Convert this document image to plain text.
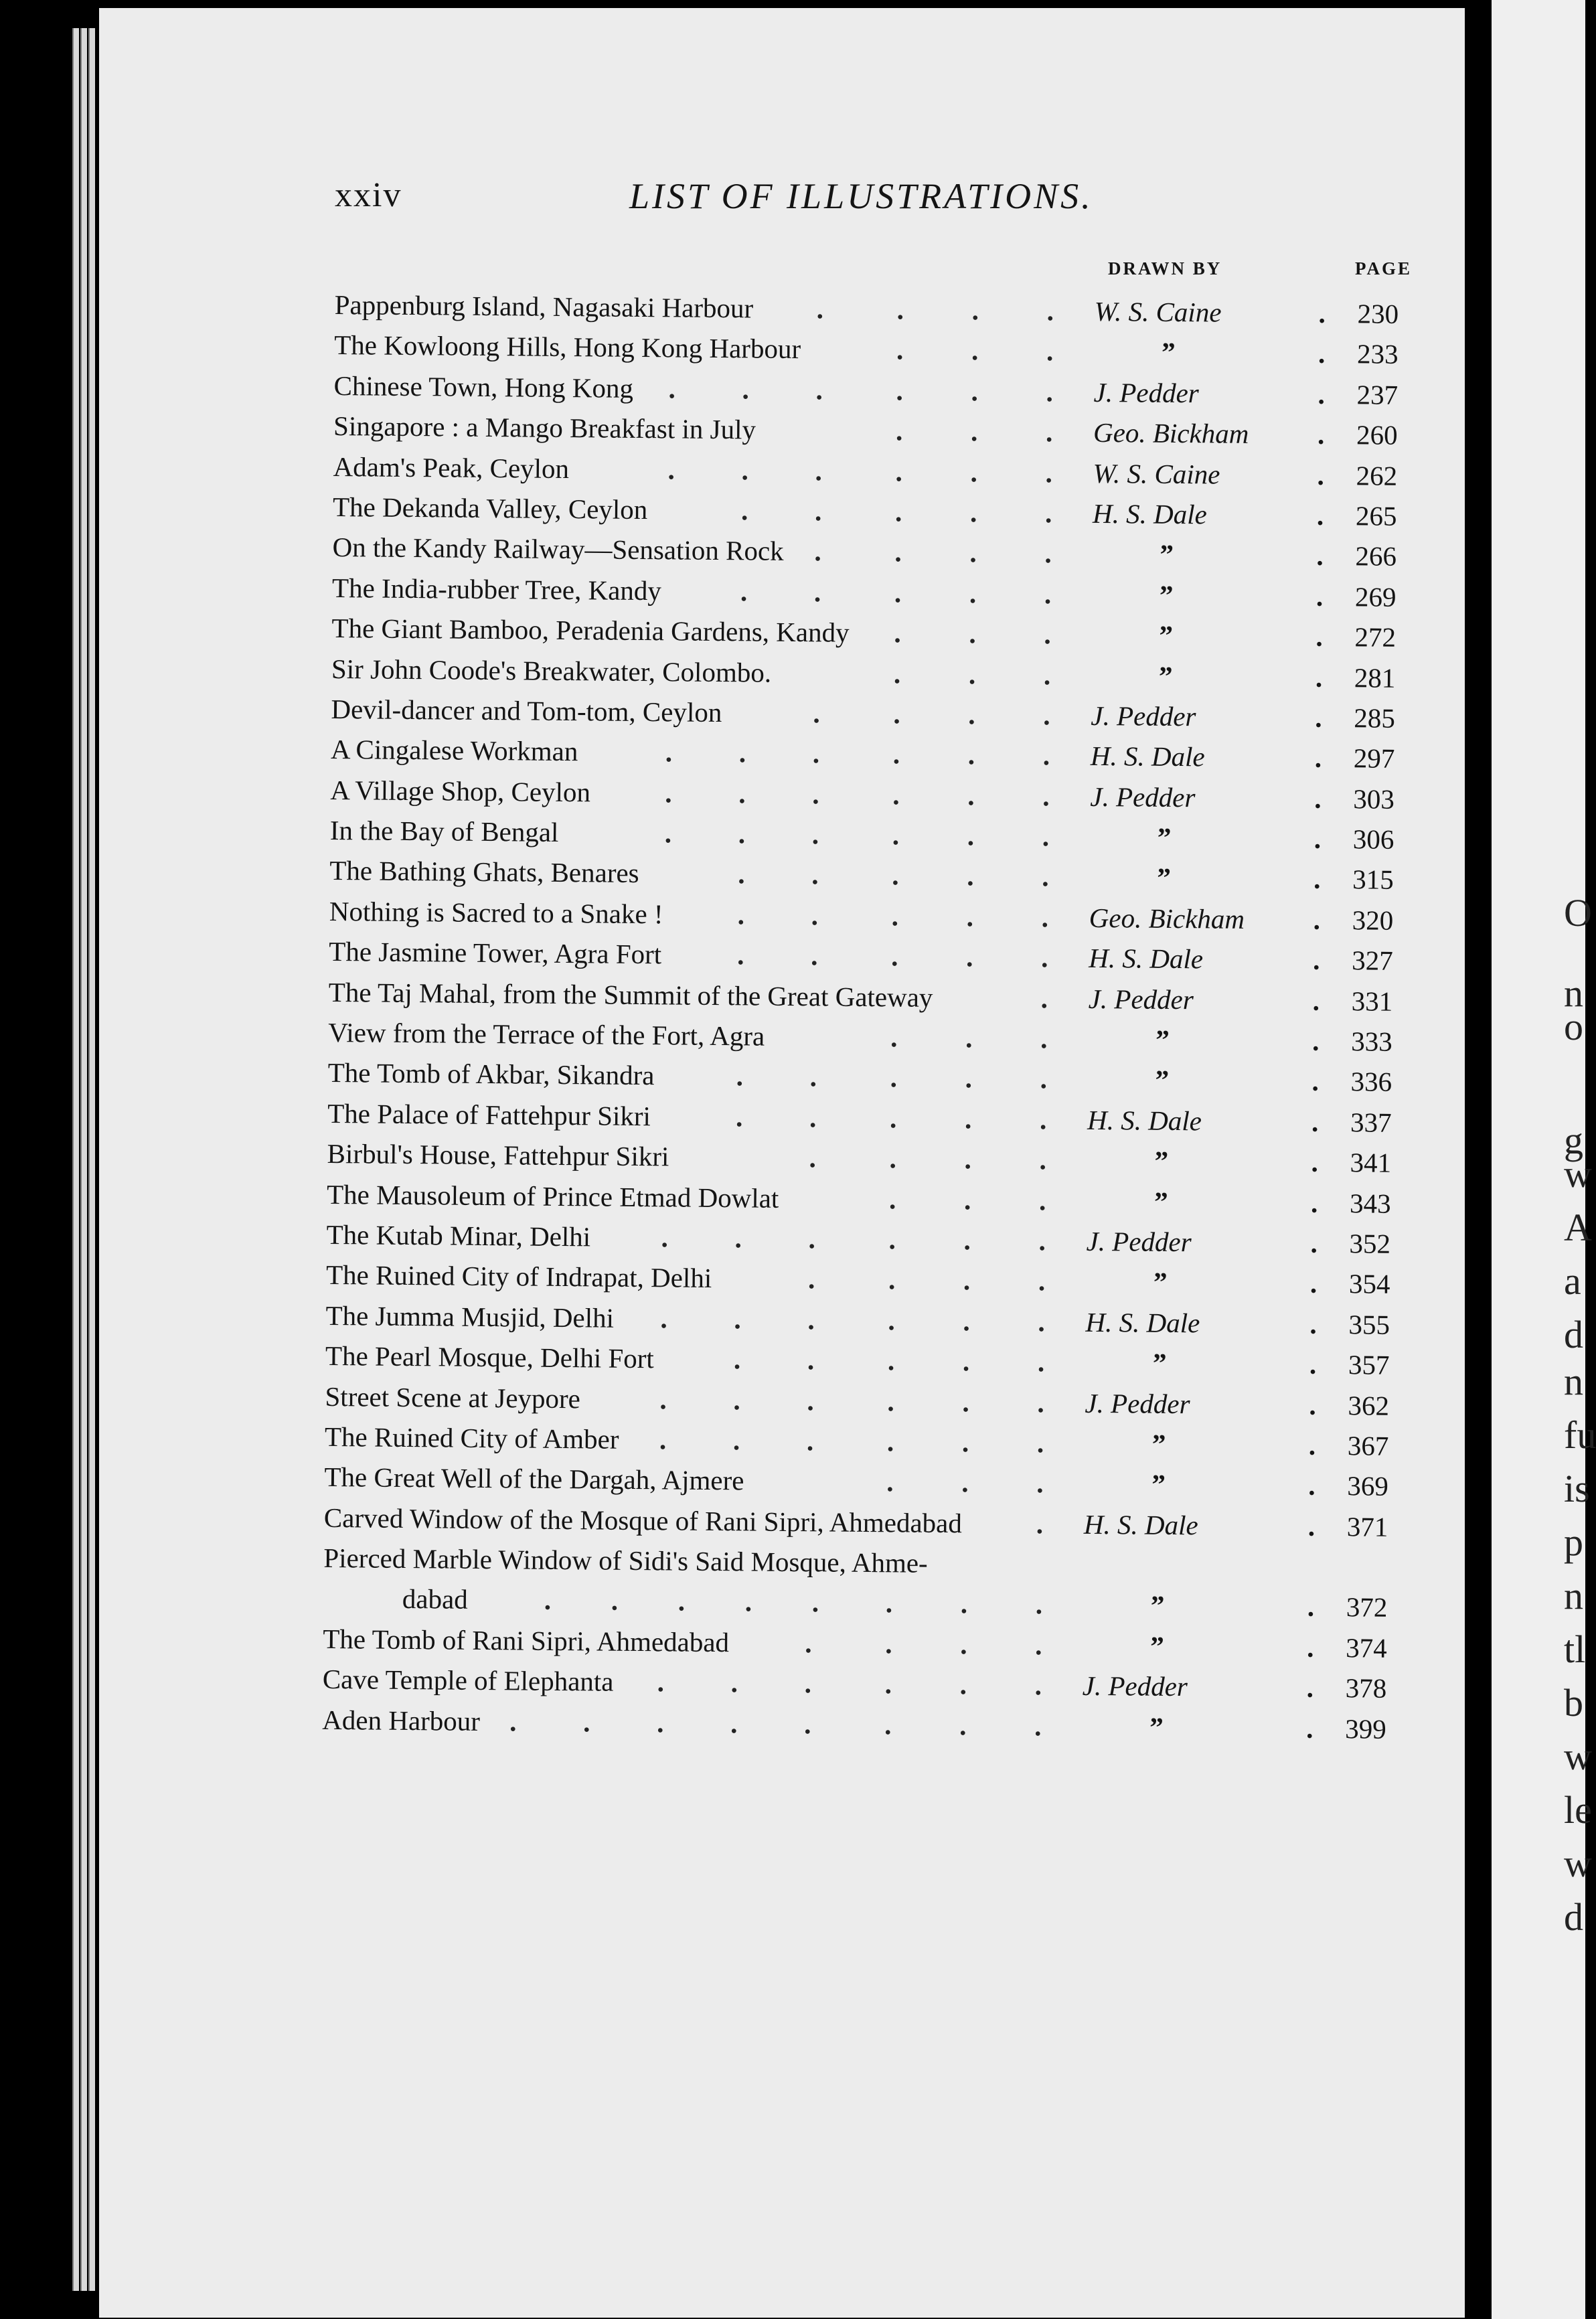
O
n
o
g
w
A
a
d
n
fu
is
p
n
tl
b
w
le
w
d
xxiv	LIST OF ILLUSTRATIONS.
DRAWN BY	PAGE
Pappenburg Island, Nagasaki Harbour .	. . . W. S. Caine	. 230
The Kowloong Hills, Hong Kong Harbour	. . .	”	. 233
Chinese Town, Hong Kong . . .	. . . J. Pedder	. 237
Singapore : a Mango Breakfast in July	. . . Geo. Bickham	. 260
Adam's Peak, Ceylon	. . .	. . . W. S. Caine	. 262
The Dekanda Valley, Ceylon	. .	. . . H. S. Dale	. 265
On the Kandy Railway—Sensation Rock .	. . .	”	. 266
The India-rubber Tree, Kandy	. .	. . .	”	. 269
The Giant Bamboo, Peradenia Gardens, Kandy . . .	”	. 272
Sir John Coode's Breakwater, Colombo.	. . .	”	. 281
Devil-dancer and Tom-tom, Ceylon	.	. . . J. Pedder	. 285
A Cingalese Workman	. . .	. . . H. S. Dale	. 297
A Village Shop, Ceylon	. . .	. . . J. Pedder	. 303
In the Bay of Bengal	. . .	. . .	”	. 306
The Bathing Ghats, Benares	. .	. . .	”	. 315
Nothing is Sacred to a Snake !	. .	. . . Geo. Bickham	. 320
The Jasmine Tower, Agra Fort	. .	. . . H. S. Dale	. 327
The Taj Mahal, from the Summit of the Great Gateway	. J. Pedder	. 331
View from the Terrace of the Fort, Agra	. . .	”	. 333
The Tomb of Akbar, Sikandra	. .	. . .	”	. 336
The Palace of Fattehpur Sikri	. .	. . . H. S. Dale	. 337
Birbul's House, Fattehpur Sikri	.	. . .	”	. 341
The Mausoleum of Prince Etmad Dowlat	. . .	”	. 343
The Kutab Minar, Delhi	. . .	. . . J. Pedder	. 352
The Ruined City of Indrapat, Delhi	.	. . .	”	. 354
The Jumma Musjid, Delhi . . .	. . . H. S. Dale	. 355
The Pearl Mosque, Delhi Fort	. .	. . .	”	. 357
Street Scene at Jeypore	. . .	. . . J. Pedder	. 362
The Ruined City of Amber . . .	. . .	”	. 367
The Great Well of the Dargah, Ajmere	. . .	”	. 369
Carved Window of the Mosque of Rani Sipri, Ahmedabad	. H. S. Dale	. 371
Pierced Marble Window of Sidi's Said Mosque, Ahme-
dabad	. . . . . . . .	”	. 372
The Tomb of Rani Sipri, Ahmedabad	.	. . .	”	. 374
Cave Temple of Elephanta . . .	. . . J. Pedder	. 378
Aden Harbour . . . . .	. . .	”	. 399
